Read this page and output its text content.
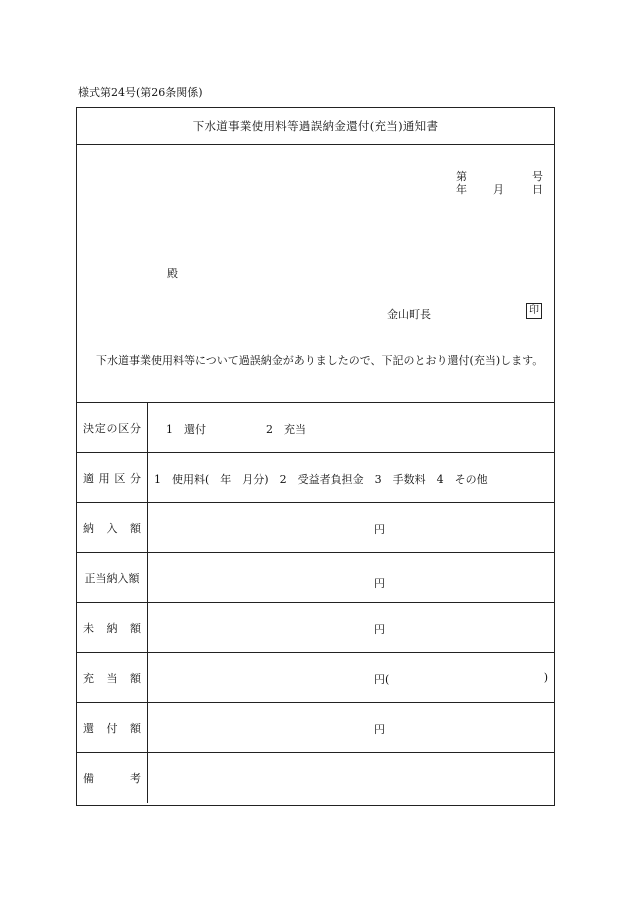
様式第24号(第26条関係)
下水道事業使用料等過誤納金還付(充当)通知書
第	号
年 月	日
殿
金山町長	印
下水道事業使用料等について過誤納金がありましたので、下記のとおり還付(充当)します。
決 定 の 区 分 1　還付	2　充当
適 用 区 分 1　使用料(　年　月分)　2　受益者負担金　3　手数料　4　その他
納 入 額	円
正当納入額	円
未 納 額	円
充 当 額	円(	)
還 付 額	円
備	考
